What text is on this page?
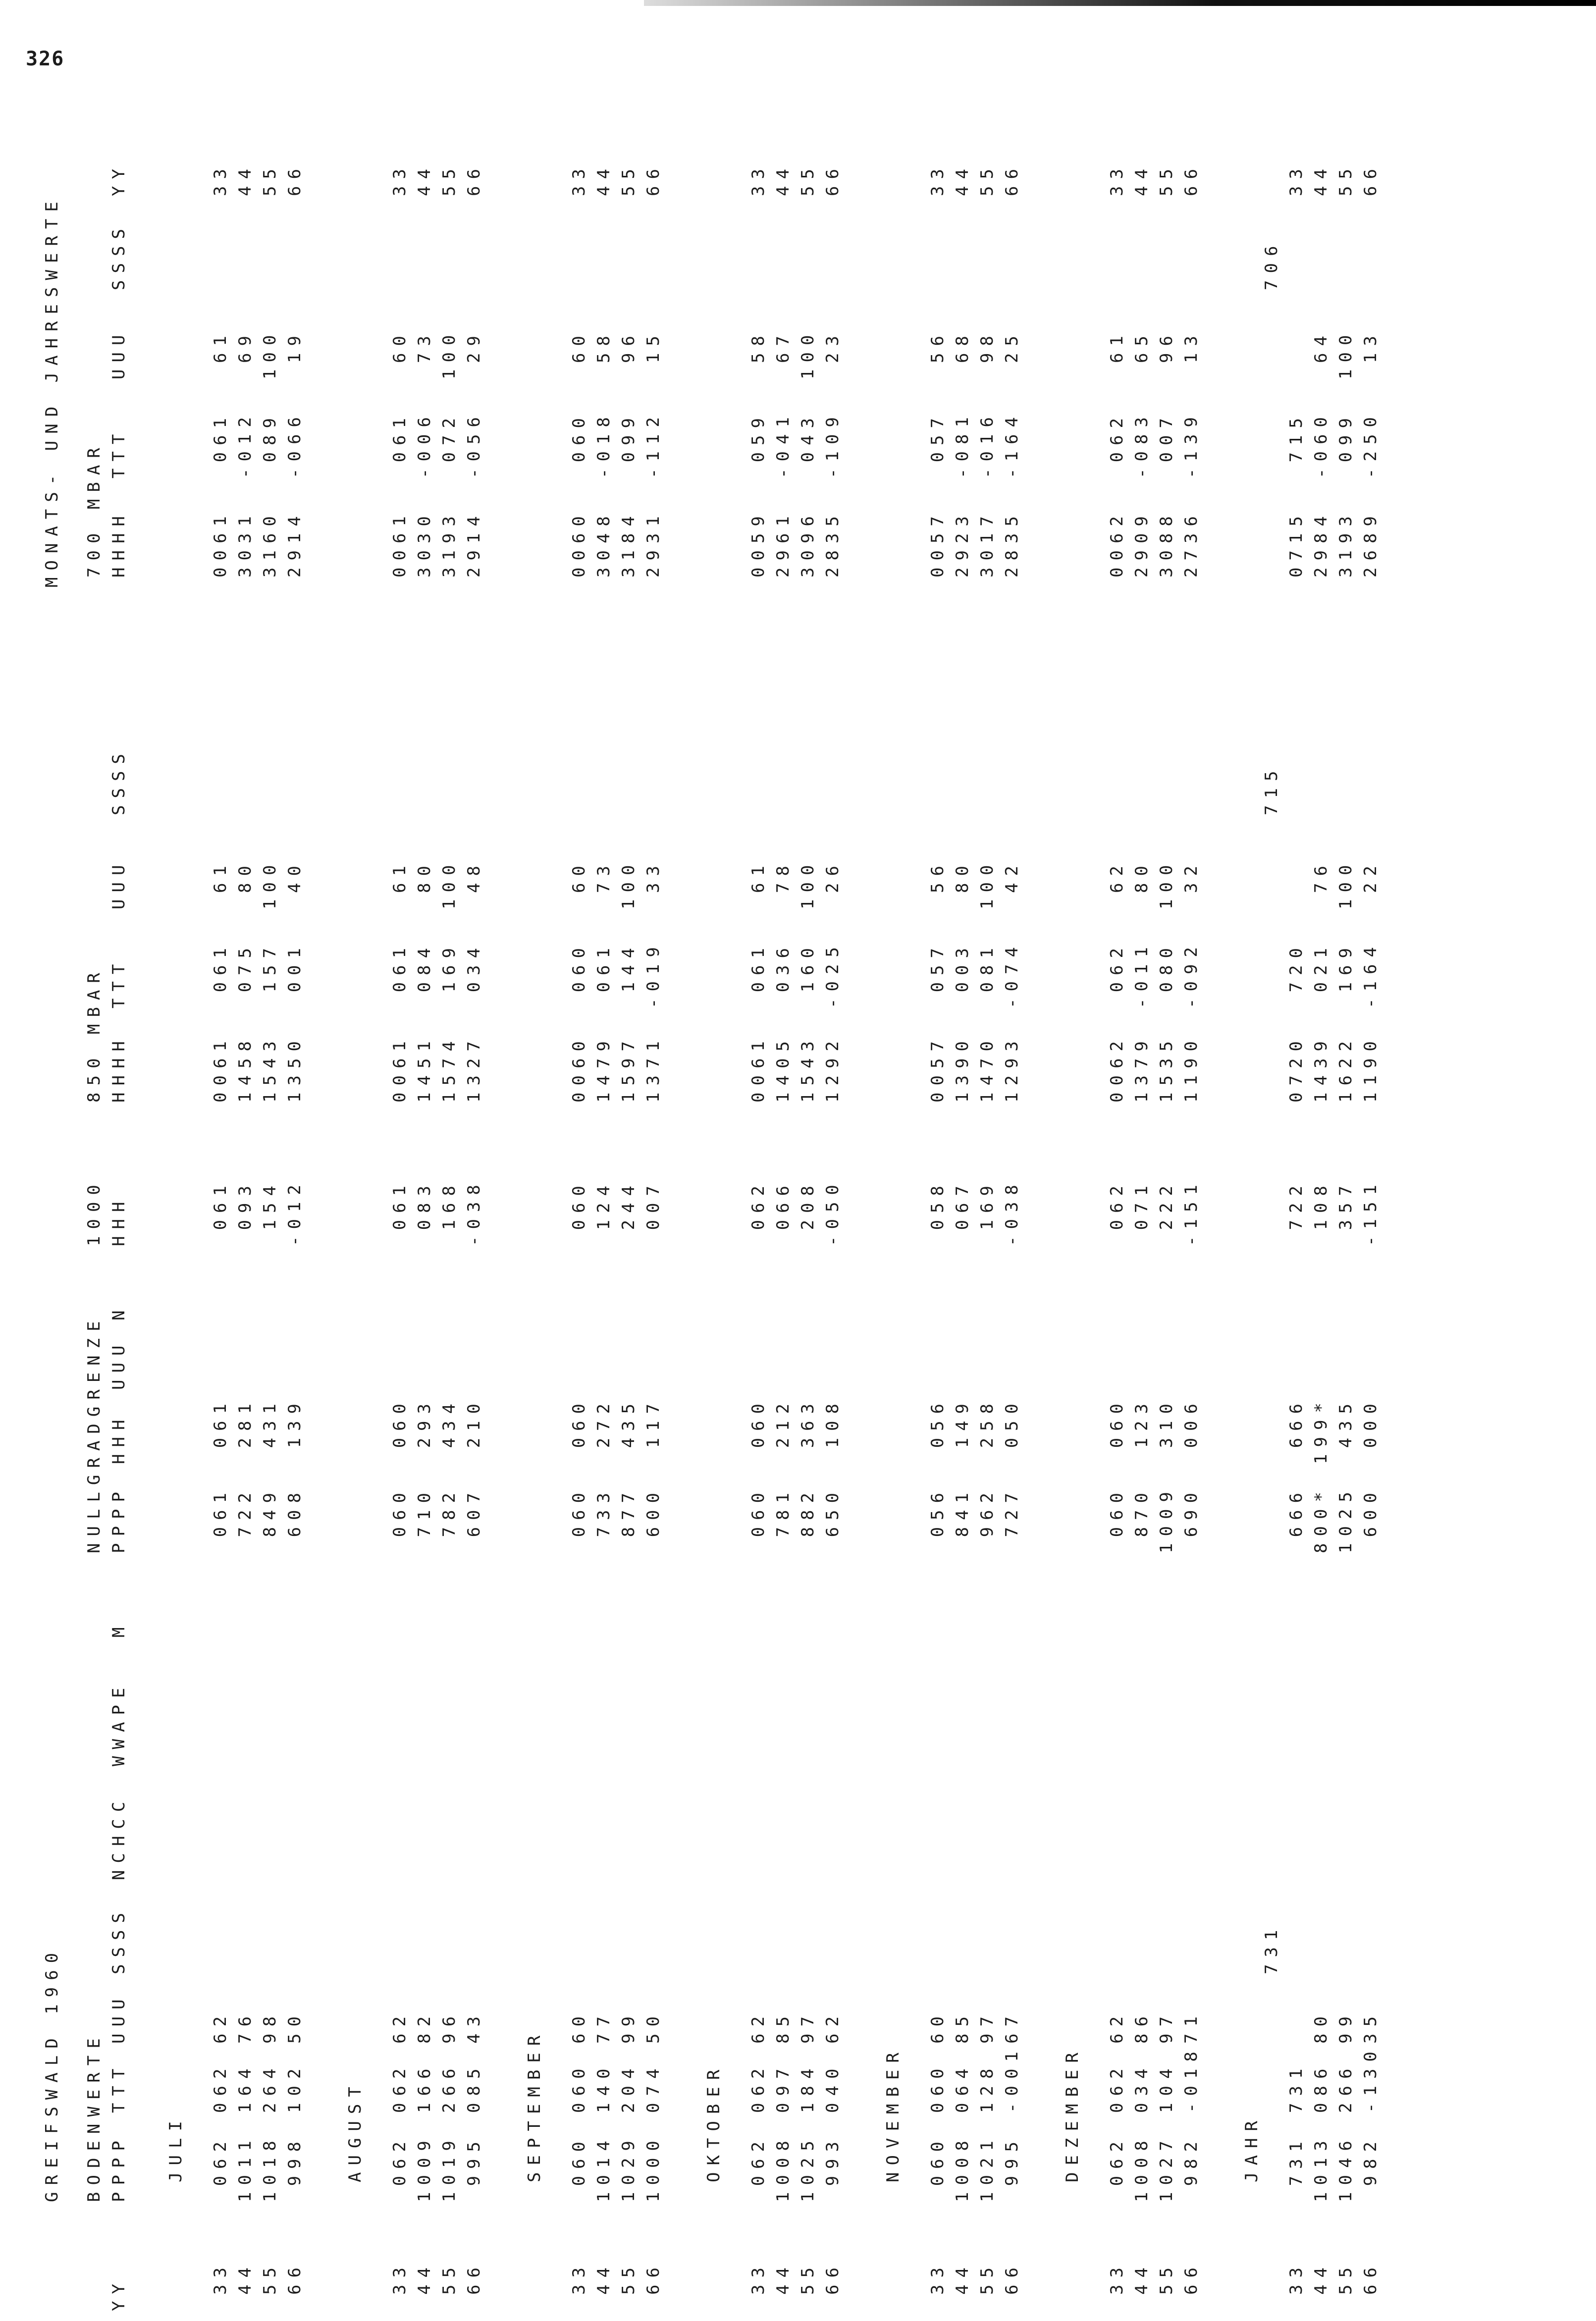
326
GREIFSWALD 1960
MONATS- UND JAHRESWERTE
BODENWERTE
NULLGRADGRENZE
1000
850 MBAR
700 MBAR
YY
PPPP
TTT
UUU
SSSS
NCHCC
WWAPE
M
PPPP
HHH
UUU
N
HHH
HHHH
TTT
UUU
SSSS
HHHH
TTT
UUU
SSSS
YY
JULI
33
062
062
62
061
061
061
0061
061
61
0061
061
61
33
44
1011
164
76
722
281
093
1458
075
80
3031
-012
69
44
55
1018
264
98
849
431
154
1543
157
100
3160
089
100
55
66
998
102
50
608
139
-012
1350
001
40
2914
-066
19
66
AUGUST
33
062
062
62
060
060
061
0061
061
61
0061
061
60
33
44
1009
166
82
710
293
083
1451
084
80
3030
-006
73
44
55
1019
266
96
782
434
168
1574
169
100
3193
072
100
55
66
995
085
43
607
210
-038
1327
034
48
2914
-056
29
66
SEPTEMBER
33
060
060
60
060
060
060
0060
060
60
0060
060
60
33
44
1014
140
77
733
272
124
1479
061
73
3048
-018
58
44
55
1029
204
99
877
435
244
1597
144
100
3184
099
96
55
66
1000
074
50
600
117
007
1371
-019
33
2931
-112
15
66
OKTOBER
33
062
062
62
060
060
062
0061
061
61
0059
059
58
33
44
1008
097
85
781
212
066
1405
036
78
2961
-041
67
44
55
1025
184
97
882
363
208
1543
160
100
3096
043
100
55
66
993
040
62
650
108
-050
1292
-025
26
2835
-109
23
66
NOVEMBER
33
060
060
60
056
056
058
0057
057
56
0057
057
56
33
44
1008
064
85
841
149
067
1390
003
80
2923
-081
68
44
55
1021
128
97
962
258
169
1470
081
100
3017
-016
98
55
66
995
-001
67
727
050
-038
1293
-074
42
2835
-164
25
66
DEZEMBER
33
062
062
62
060
060
062
0062
062
62
0062
062
61
33
44
1008
034
86
870
123
071
1379
-011
80
2909
-083
65
44
55
1027
104
97
1009
310
222
1535
080
100
3088
007
96
55
66
982
-018
71
690
006
-151
1190
-092
32
2736
-139
13
66
JAHR
731
715
706
33
731
731
666
666
722
0720
720
0715
715
33
44
1013
086
80
800*
199*
108
1439
021
76
2984
-060
64
44
55
1046
266
99
1025
435
357
1622
169
100
3193
099
100
55
66
982
-130
35
600
000
-151
1190
-164
22
2689
-250
13
66
